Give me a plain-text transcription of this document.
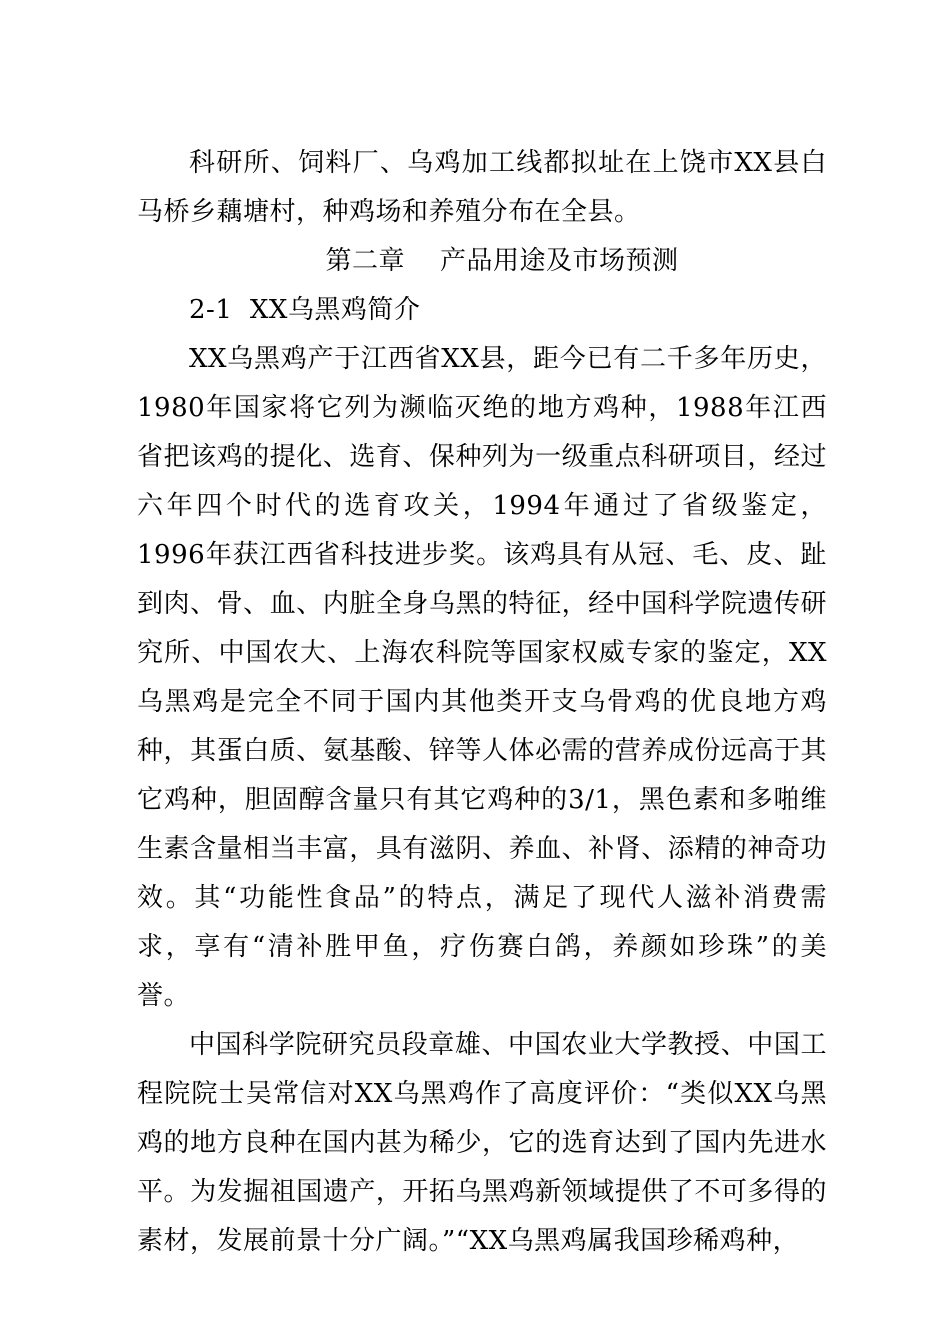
科研所、饲料厂、乌鸡加工线都拟址在上饶市XX县白马桥乡藕塘村，种鸡场和养殖分布在全县。

第二章    产品用途及市场预测

2-1  XX乌黑鸡简介

XX乌黑鸡产于江西省XX县，距今已有二千多年历史，1980年国家将它列为濒临灭绝的地方鸡种，1988年江西省把该鸡的提化、选育、保种列为一级重点科研项目，经过六年四个时代的选育攻关，1994年通过了省级鉴定，1996年获江西省科技进步奖。该鸡具有从冠、毛、皮、趾到肉、骨、血、内脏全身乌黑的特征，经中国科学院遗传研究所、中国农大、上海农科院等国家权威专家的鉴定，XX乌黑鸡是完全不同于国内其他类开支乌骨鸡的优良地方鸡种，其蛋白质、氨基酸、锌等人体必需的营养成份远高于其它鸡种，胆固醇含量只有其它鸡种的3/1，黑色素和多啪维生素含量相当丰富，具有滋阴、养血、补肾、添精的神奇功效。其“功能性食品”的特点，满足了现代人滋补消费需求，享有“清补胜甲鱼，疗伤赛白鸽，养颜如珍珠”的美誉。

中国科学院研究员段章雄、中国农业大学教授、中国工程院院士吴常信对XX乌黑鸡作了高度评价：“类似XX乌黑鸡的地方良种在国内甚为稀少，它的选育达到了国内先进水平。为发掘祖国遗产，开拓乌黑鸡新领域提供了不可多得的素材，发展前景十分广阔。”“XX乌黑鸡属我国珍稀鸡种，
